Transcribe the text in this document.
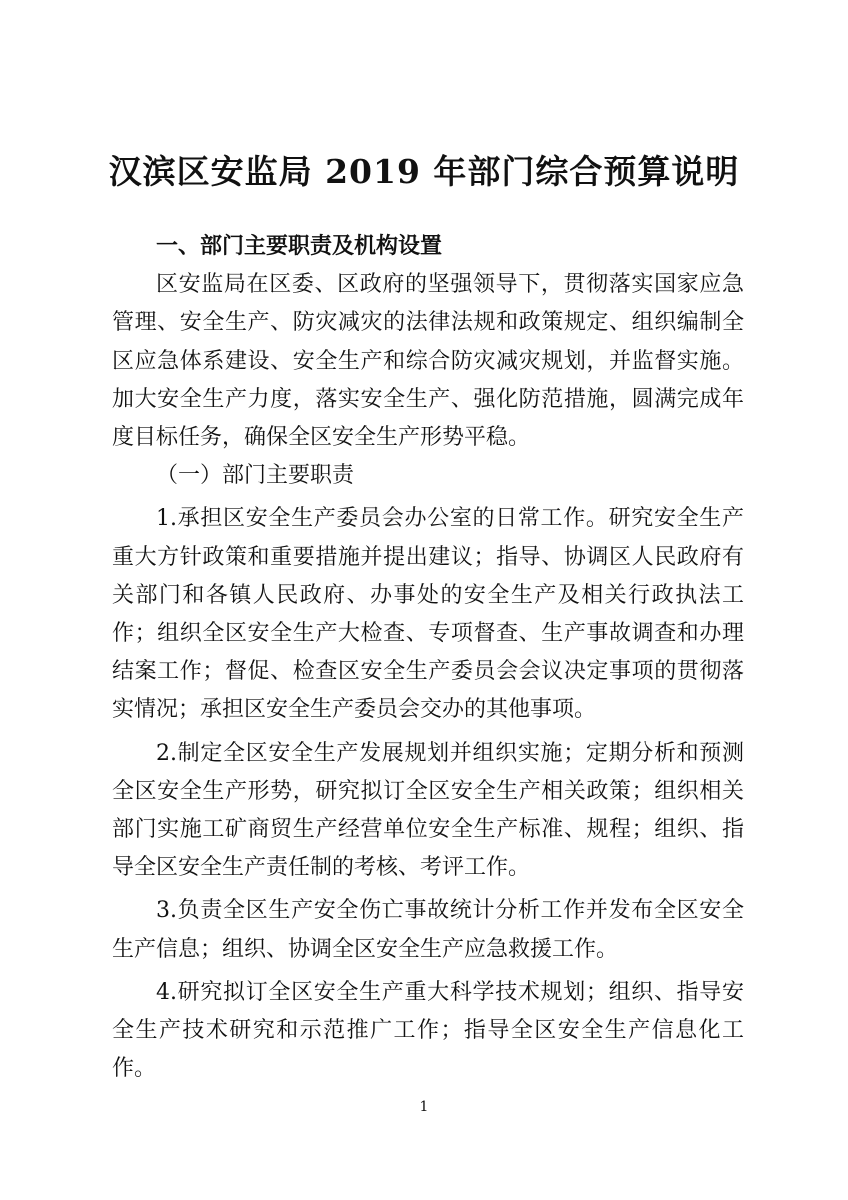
汉滨区安监局 2019 年部门综合预算说明

一、部门主要职责及机构设置

区安监局在区委、区政府的坚强领导下，贯彻落实国家应急管理、安全生产、防灾减灾的法律法规和政策规定、组织编制全区应急体系建设、安全生产和综合防灾减灾规划，并监督实施。加大安全生产力度，落实安全生产、强化防范措施，圆满完成年度目标任务，确保全区安全生产形势平稳。

（一）部门主要职责

1.承担区安全生产委员会办公室的日常工作。研究安全生产重大方针政策和重要措施并提出建议；指导、协调区人民政府有关部门和各镇人民政府、办事处的安全生产及相关行政执法工作；组织全区安全生产大检查、专项督查、生产事故调查和办理结案工作；督促、检查区安全生产委员会会议决定事项的贯彻落实情况；承担区安全生产委员会交办的其他事项。

2.制定全区安全生产发展规划并组织实施；定期分析和预测全区安全生产形势，研究拟订全区安全生产相关政策；组织相关部门实施工矿商贸生产经营单位安全生产标准、规程；组织、指导全区安全生产责任制的考核、考评工作。

3.负责全区生产安全伤亡事故统计分析工作并发布全区安全生产信息；组织、协调全区安全生产应急救援工作。

4.研究拟订全区安全生产重大科学技术规划；组织、指导安全生产技术研究和示范推广工作；指导全区安全生产信息化工作。

1
